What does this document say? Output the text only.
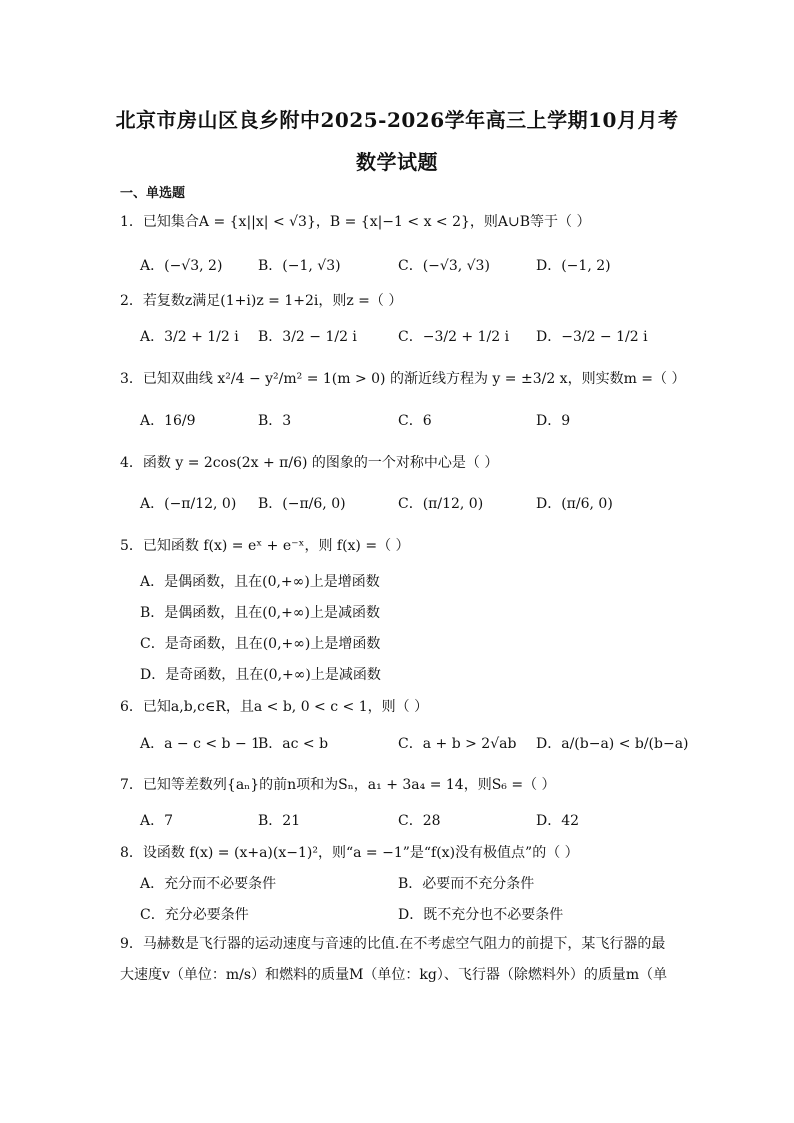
北京市房山区良乡附中2025-2026学年高三上学期10月月考
数学试题
一、单选题
1．已知集合A = {x||x| < √3}，B = {x|−1 < x < 2}，则A∪B等于（ ）
A．(−√3, 2)	B．(−1, √3)	C．(−√3, √3)	D．(−1, 2)
2．若复数z满足(1+i)z = 1+2i，则z =（ ）
A．3/2 + 1/2 i B．3/2 − 1/2 i	C．−3/2 + 1/2 i D．−3/2 − 1/2 i
3．已知双曲线 x²/4 − y²/m² = 1(m > 0) 的渐近线方程为 y = ±3/2 x，则实数m =（ ）
A．16/9	B．3	C．6	D．9
4．函数 y = 2cos(2x + π/6) 的图象的一个对称中心是（ ）
A．(−π/12, 0) B．(−π/6, 0)	C．(π/12, 0)	D．(π/6, 0)
5．已知函数 f(x) = eˣ + e⁻ˣ，则 f(x) =（ ）
A．是偶函数，且在(0,+∞)上是增函数
B．是偶函数，且在(0,+∞)上是减函数
C．是奇函数，且在(0,+∞)上是增函数
D．是奇函数，且在(0,+∞)上是减函数
6．已知a,b,c∈R，且a < b, 0 < c < 1，则（ ）
A．a − c < b − 1
B．ac < b	C．a + b > 2√ab D．a/(b−a) < b/(b−a)
7．已知等差数列{aₙ}的前n项和为Sₙ，a₁ + 3a₄ = 14，则S₆ =（ ）
A．7	B．21	C．28	D．42
8．设函数 f(x) = (x+a)(x−1)²，则“a = −1”是“f(x)没有极值点”的（ ）
A．充分而不必要条件	B．必要而不充分条件
C．充分必要条件	D．既不充分也不必要条件
9．马赫数是飞行器的运动速度与音速的比值.在不考虑空气阻力的前提下，某飞行器的最大速度v（单位：m/s）和燃料的质量M（单位：kg）、飞行器（除燃料外）的质量m（单
